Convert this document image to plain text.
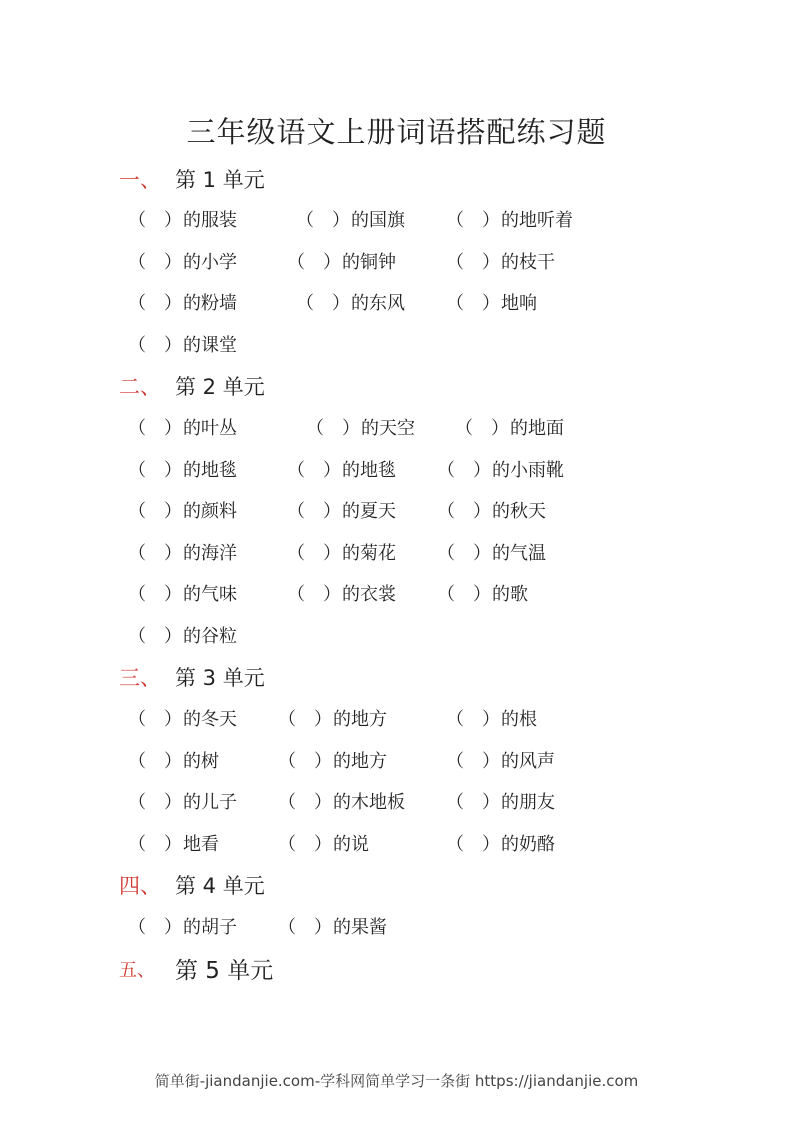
三年级语文上册词语搭配练习题
一、 第 1 单元
（ ） 的服装	（ ） 的国旗 （ ） 的地听着
（ ） 的小学	（ ） 的铜钟	（ ） 的枝干
（ ） 的粉墙	（ ） 的东风 （ ） 地响
（ ） 的课堂
二、 第 2 单元
（ ） 的叶丛	（ ） 的天空 （ ） 的地面
（ ） 的地毯	（ ） 的地毯 （ ） 的小雨靴
（ ） 的颜料	（ ） 的夏天 （ ） 的秋天
（ ） 的海洋	（ ） 的菊花 （ ） 的气温
（ ） 的气味	（ ） 的衣裳 （ ） 的歌
（ ） 的谷粒
三、 第 3 单元
（ ） 的冬天 （ ） 的地方	（ ） 的根
（ ） 的树	（ ） 的地方	（ ） 的风声
（ ） 的儿子 （ ） 的木地板 （ ） 的朋友
（ ） 地看	（ ） 的说	（ ） 的奶酪
四、 第 4 单元
（ ） 的胡子 （ ） 的果酱
五、 第 5 单元
简单街-jiandanjie.com-学科网简单学习一条街 https://jiandanjie.com
